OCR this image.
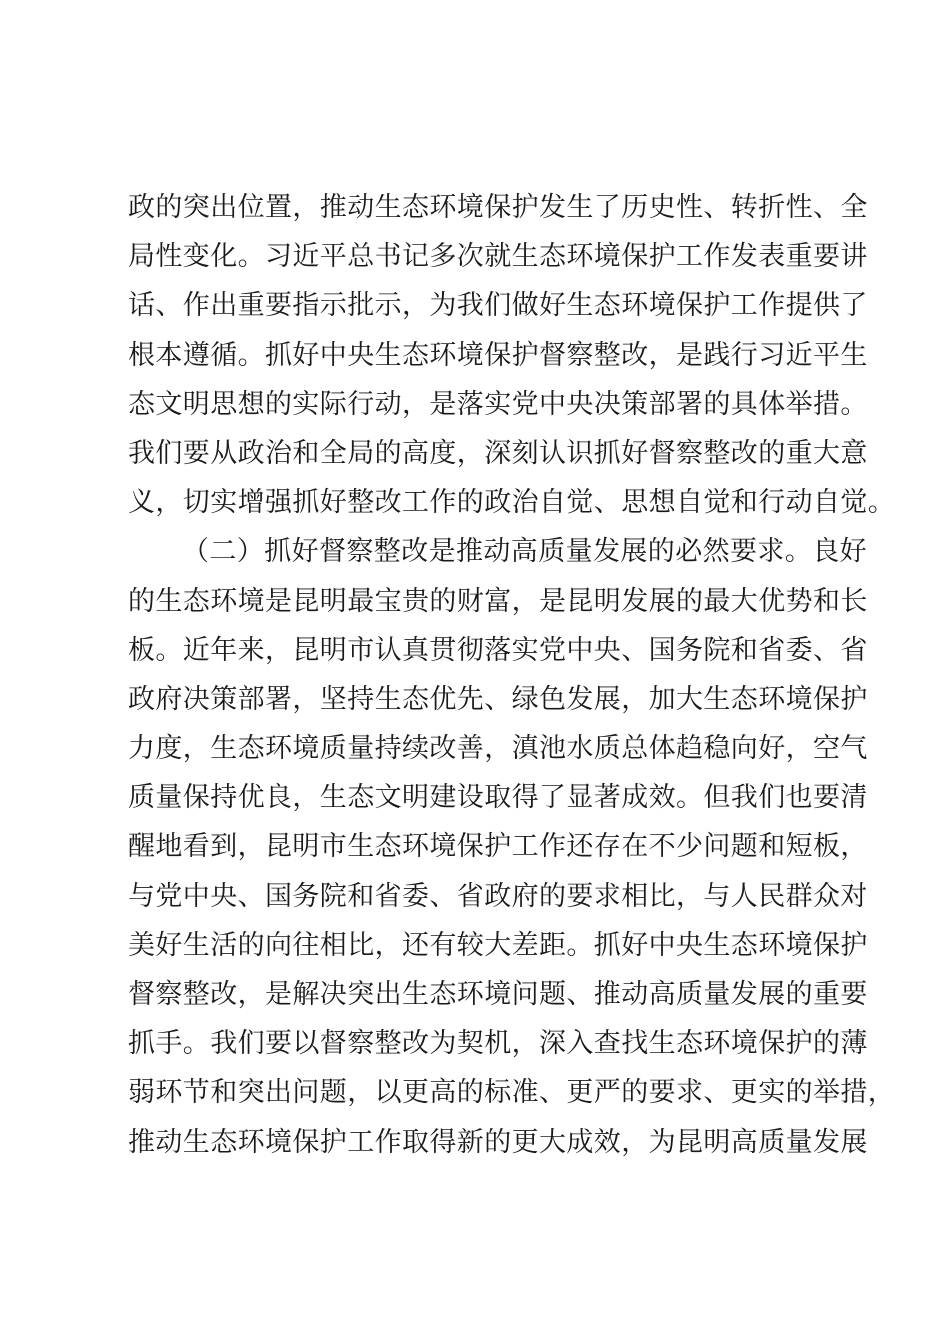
政的突出位置，推动生态环境保护发生了历史性、转折性、全
局性变化。习近平总书记多次就生态环境保护工作发表重要讲
话、作出重要指示批示，为我们做好生态环境保护工作提供了
根本遵循。抓好中央生态环境保护督察整改，是践行习近平生
态文明思想的实际行动，是落实党中央决策部署的具体举措。
我们要从政治和全局的高度，深刻认识抓好督察整改的重大意
义，切实增强抓好整改工作的政治自觉、思想自觉和行动自觉。
（二）抓好督察整改是推动高质量发展的必然要求。良好
的生态环境是昆明最宝贵的财富，是昆明发展的最大优势和长
板。近年来，昆明市认真贯彻落实党中央、国务院和省委、省
政府决策部署，坚持生态优先、绿色发展，加大生态环境保护
力度，生态环境质量持续改善，滇池水质总体趋稳向好，空气
质量保持优良，生态文明建设取得了显著成效。但我们也要清
醒地看到，昆明市生态环境保护工作还存在不少问题和短板，
与党中央、国务院和省委、省政府的要求相比，与人民群众对
美好生活的向往相比，还有较大差距。抓好中央生态环境保护
督察整改，是解决突出生态环境问题、推动高质量发展的重要
抓手。我们要以督察整改为契机，深入查找生态环境保护的薄
弱环节和突出问题，以更高的标准、更严的要求、更实的举措，
推动生态环境保护工作取得新的更大成效，为昆明高质量发展
